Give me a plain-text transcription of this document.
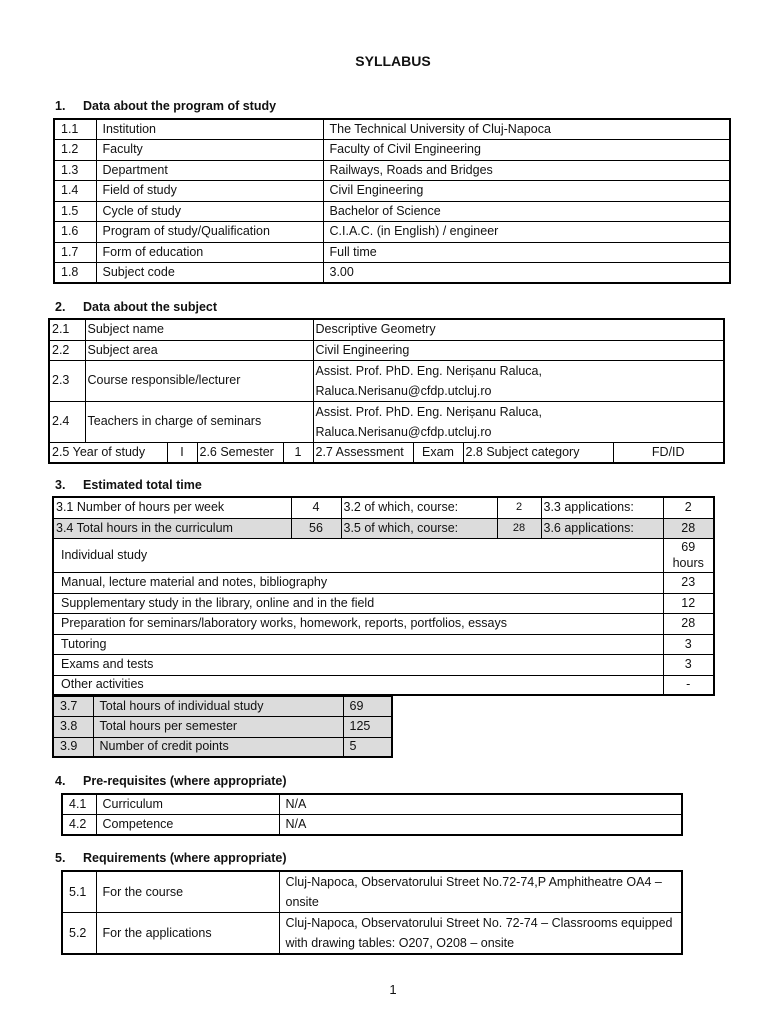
SYLLABUS
1. Data about the program of study
1.1	Institution	The Technical University of Cluj-Napoca
1.2	Faculty	Faculty of Civil Engineering
1.3	Department	Railways, Roads and Bridges
1.4	Field of study	Civil Engineering
1.5	Cycle of study	Bachelor of Science
1.6	Program of study/Qualification	C.I.A.C. (in English) / engineer
1.7	Form of education	Full time
1.8	Subject code	3.00
2. Data about the subject
2.1	Subject name				Descriptive Geometry			
2.2	Subject area				Civil Engineering			
2.3	Course responsible/lecturer				Assist. Prof. PhD. Eng. Nerișanu Raluca, Raluca.Nerisanu@cfdp.utcluj.ro			
2.4	Teachers in charge of seminars				Assist. Prof. PhD. Eng. Nerișanu Raluca, Raluca.Nerisanu@cfdp.utcluj.ro			
2.5 Year of study		I	2.6 Semester	1	2.7 Assessment	Exam	2.8 Subject category	FD/ID
3. Estimated total time
3.1 Number of hours per week	4	3.2 of which, course:	2	3.3 applications:	2
3.4 Total hours in the curriculum	56	3.5 of which, course:	28	3.6 applications:	28
Individual study					69 hours
Manual, lecture material and notes, bibliography					23
Supplementary study in the library, online and in the field					12
Preparation for seminars/laboratory works, homework, reports, portfolios, essays					28
Tutoring					3
Exams and tests					3
Other activities					-
3.7	Total hours of individual study	69
3.8	Total hours per semester	125
3.9	Number of credit points	5
4. Pre-requisites (where appropriate)
4.1	Curriculum	N/A
4.2	Competence	N/A
5. Requirements (where appropriate)
5.1	For the course	Cluj-Napoca, Observatorului Street No.72-74,P Amphitheatre OA4 – onsite
5.2	For the applications	Cluj-Napoca, Observatorului Street No. 72-74 – Classrooms equipped with drawing tables: O207, O208 – onsite
1
